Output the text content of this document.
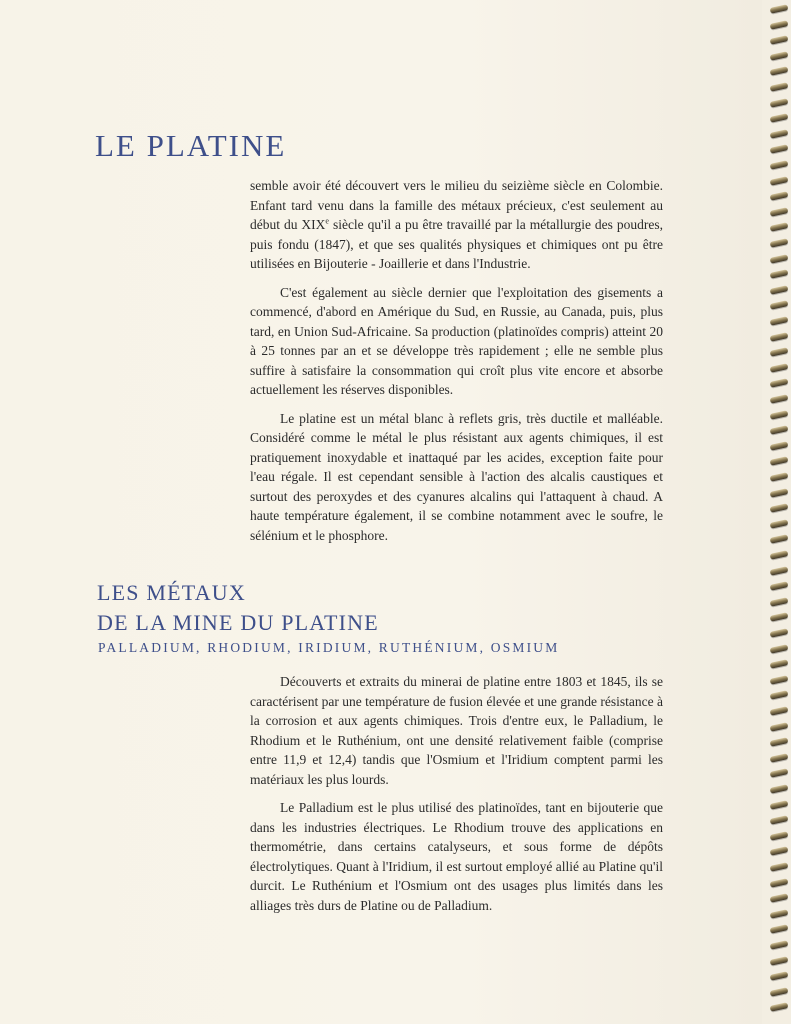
LE PLATINE

semble avoir été découvert vers le milieu du seizième siècle en Colombie. Enfant tard venu dans la famille des métaux précieux, c'est seulement au début du XIXe siècle qu'il a pu être travaillé par la métallurgie des poudres, puis fondu (1847), et que ses qualités physiques et chimiques ont pu être utilisées en Bijouterie - Joaillerie et dans l'Industrie.

C'est également au siècle dernier que l'exploitation des gisements a commencé, d'abord en Amérique du Sud, en Russie, au Canada, puis, plus tard, en Union Sud-Africaine. Sa production (platinoïdes compris) atteint 20 à 25 tonnes par an et se développe très rapidement ; elle ne semble plus suffire à satisfaire la consommation qui croît plus vite encore et absorbe actuellement les réserves disponibles.

Le platine est un métal blanc à reflets gris, très ductile et malléable. Considéré comme le métal le plus résistant aux agents chimiques, il est pratiquement inoxydable et inattaqué par les acides, exception faite pour l'eau régale. Il est cependant sensible à l'action des alcalis caustiques et surtout des peroxydes et des cyanures alcalins qui l'attaquent à chaud. A haute température également, il se combine notamment avec le soufre, le sélénium et le phosphore.

LES MÉTAUX
DE LA MINE DU PLATINE
PALLADIUM, RHODIUM, IRIDIUM, RUTHÉNIUM, OSMIUM

Découverts et extraits du minerai de platine entre 1803 et 1845, ils se caractérisent par une température de fusion élevée et une grande résistance à la corrosion et aux agents chimiques. Trois d'entre eux, le Palladium, le Rhodium et le Ruthénium, ont une densité relativement faible (comprise entre 11,9 et 12,4) tandis que l'Osmium et l'Iridium comptent parmi les matériaux les plus lourds.

Le Palladium est le plus utilisé des platinoïdes, tant en bijouterie que dans les industries électriques. Le Rhodium trouve des applications en thermométrie, dans certains catalyseurs, et sous forme de dépôts électrolytiques. Quant à l'Iridium, il est surtout employé allié au Platine qu'il durcit. Le Ruthénium et l'Osmium ont des usages plus limités dans les alliages très durs de Platine ou de Palladium.
